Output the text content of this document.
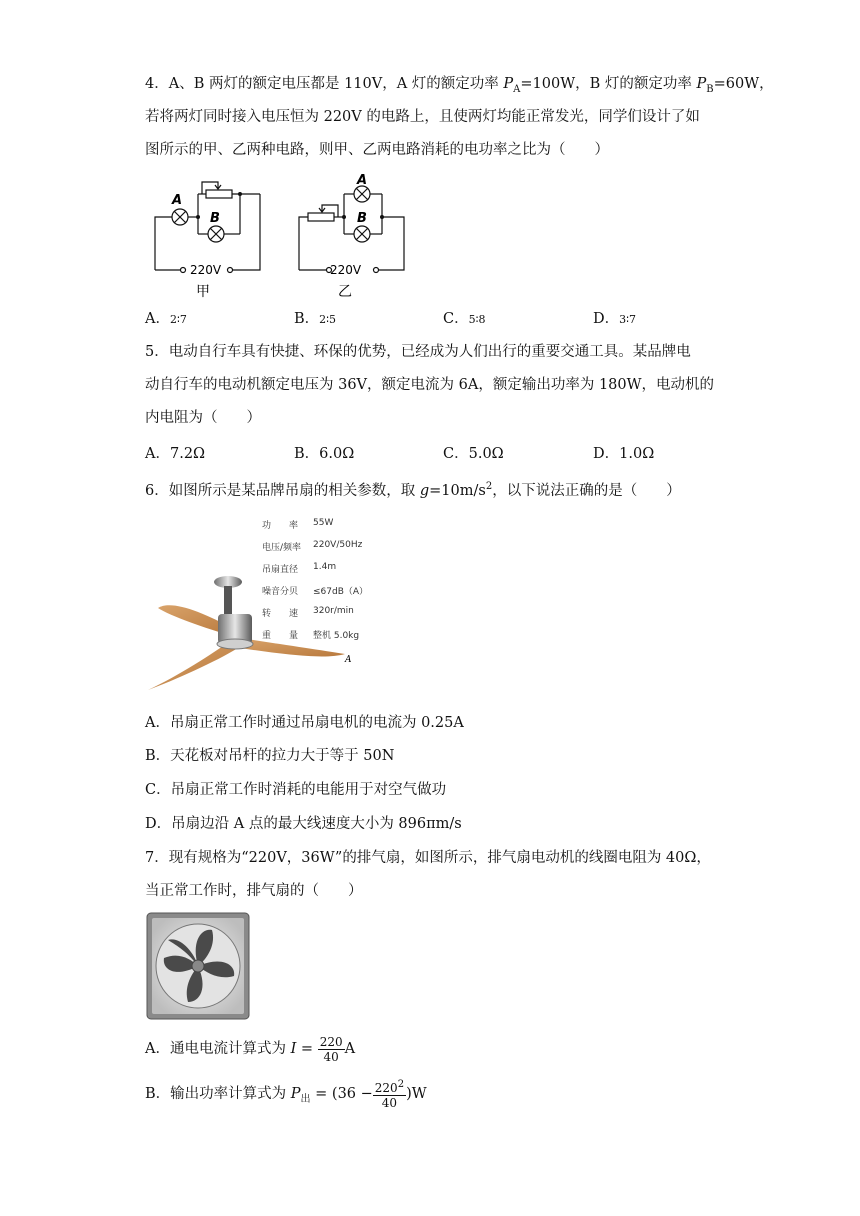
4．A、B 两灯的额定电压都是 110V，A 灯的额定功率 $P_A=100W$，B 灯的额定功率 $P_B=60W$，
若将两灯同时接入电压恒为 220V 的电路上，且使两灯均能正常发光，同学们设计了如
图所示的甲、乙两种电路，则甲、乙两电路消耗的电功率之比为（　　）
A
B
220V
甲
A
B
220V
乙
A．2∶7	B．2∶5	C．5∶8	D．3∶7
5．电动自行车具有快捷、环保的优势，已经成为人们出行的重要交通工具。某品牌电
动自行车的电动机额定电压为 36V，额定电流为 6A，额定输出功率为 180W，电动机的
内电阻为（　　）
A．7.2Ω	B．6.0Ω	C．5.0Ω	D．1.0Ω
6．如图所示是某品牌吊扇的相关参数，取 $g=10m/s^2$，以下说法正确的是（　　）
功　　率 55W
电压/频率 220V/50Hz
吊扇直径 1.4m
噪音分贝 ≤67dB（A）
转　　速 320r/min
重　　量 整机 5.0kg
A
A．吊扇正常工作时通过吊扇电机的电流为 0.25A
B．天花板对吊杆的拉力大于等于 50N
C．吊扇正常工作时消耗的电能用于对空气做功
D．吊扇边沿 A 点的最大线速度大小为 896πm/s
7．现有规格为“220V，36W”的排气扇，如图所示，排气扇电动机的线圈电阻为 40Ω，
当正常工作时，排气扇的（　　）
A．通电电流计算式为 $I = \frac{220}{40}$ A
B．输出功率计算式为 $P_出 = (36 - \frac{220^2}{40} )W$
